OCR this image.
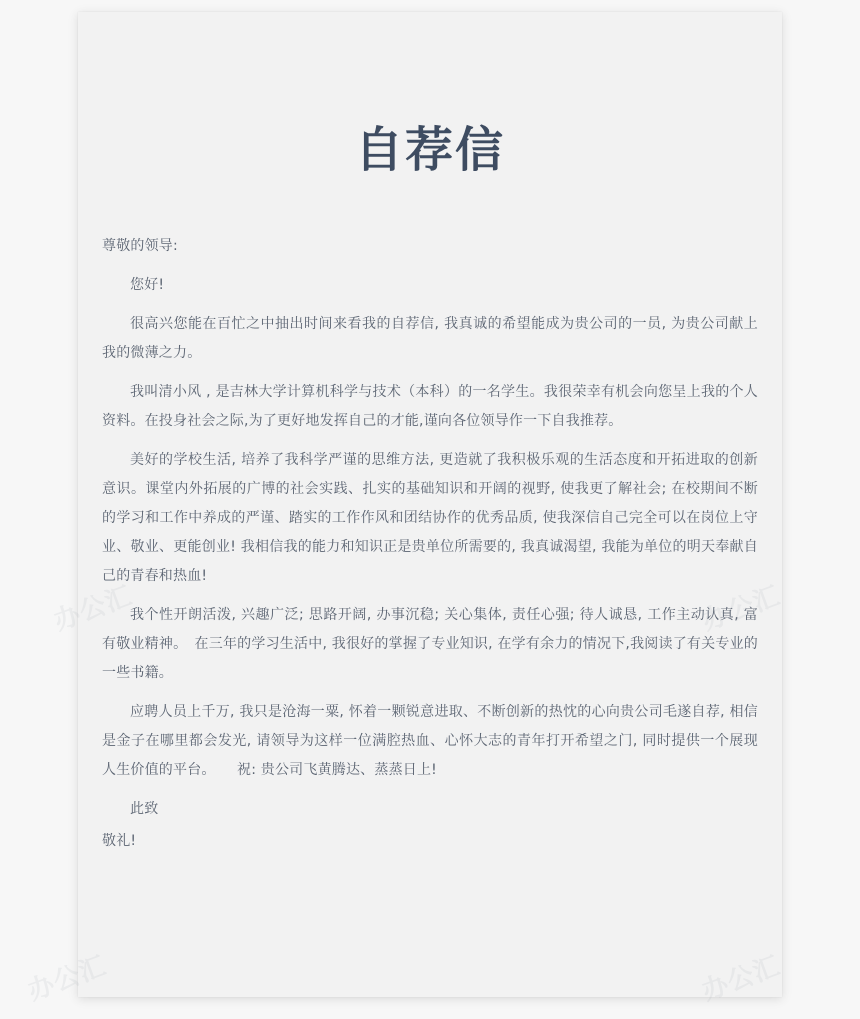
自荐信

尊敬的领导:

您好!

很高兴您能在百忙之中抽出时间来看我的自荐信, 我真诚的希望能成为贵公司的一员, 为贵公司献上我的微薄之力。

我叫清小风 , 是吉林大学计算机科学与技术（本科）的一名学生。我很荣幸有机会向您呈上我的个人资料。在投身社会之际,为了更好地发挥自己的才能,谨向各位领导作一下自我推荐。

美好的学校生活, 培养了我科学严谨的思维方法, 更造就了我积极乐观的生活态度和开拓进取的创新意识。课堂内外拓展的广博的社会实践、扎实的基础知识和开阔的视野, 使我更了解社会; 在校期间不断的学习和工作中养成的严谨、踏实的工作作风和团结协作的优秀品质, 使我深信自己完全可以在岗位上守业、敬业、更能创业! 我相信我的能力和知识正是贵单位所需要的, 我真诚渴望, 我能为单位的明天奉献自己的青春和热血!

我个性开朗活泼, 兴趣广泛; 思路开阔, 办事沉稳; 关心集体, 责任心强; 待人诚恳, 工作主动认真, 富有敬业精神。　在三年的学习生活中, 我很好的掌握了专业知识, 在学有余力的情况下,我阅读了有关专业的一些书籍。

应聘人员上千万, 我只是沧海一粟, 怀着一颗锐意进取、不断创新的热忱的心向贵公司毛遂自荐, 相信是金子在哪里都会发光, 请领导为这样一位满腔热血、心怀大志的青年打开希望之门, 同时提供一个展现人生价值的平台。　　祝: 贵公司飞黄腾达、蒸蒸日上!

此致

敬礼!

办公汇
